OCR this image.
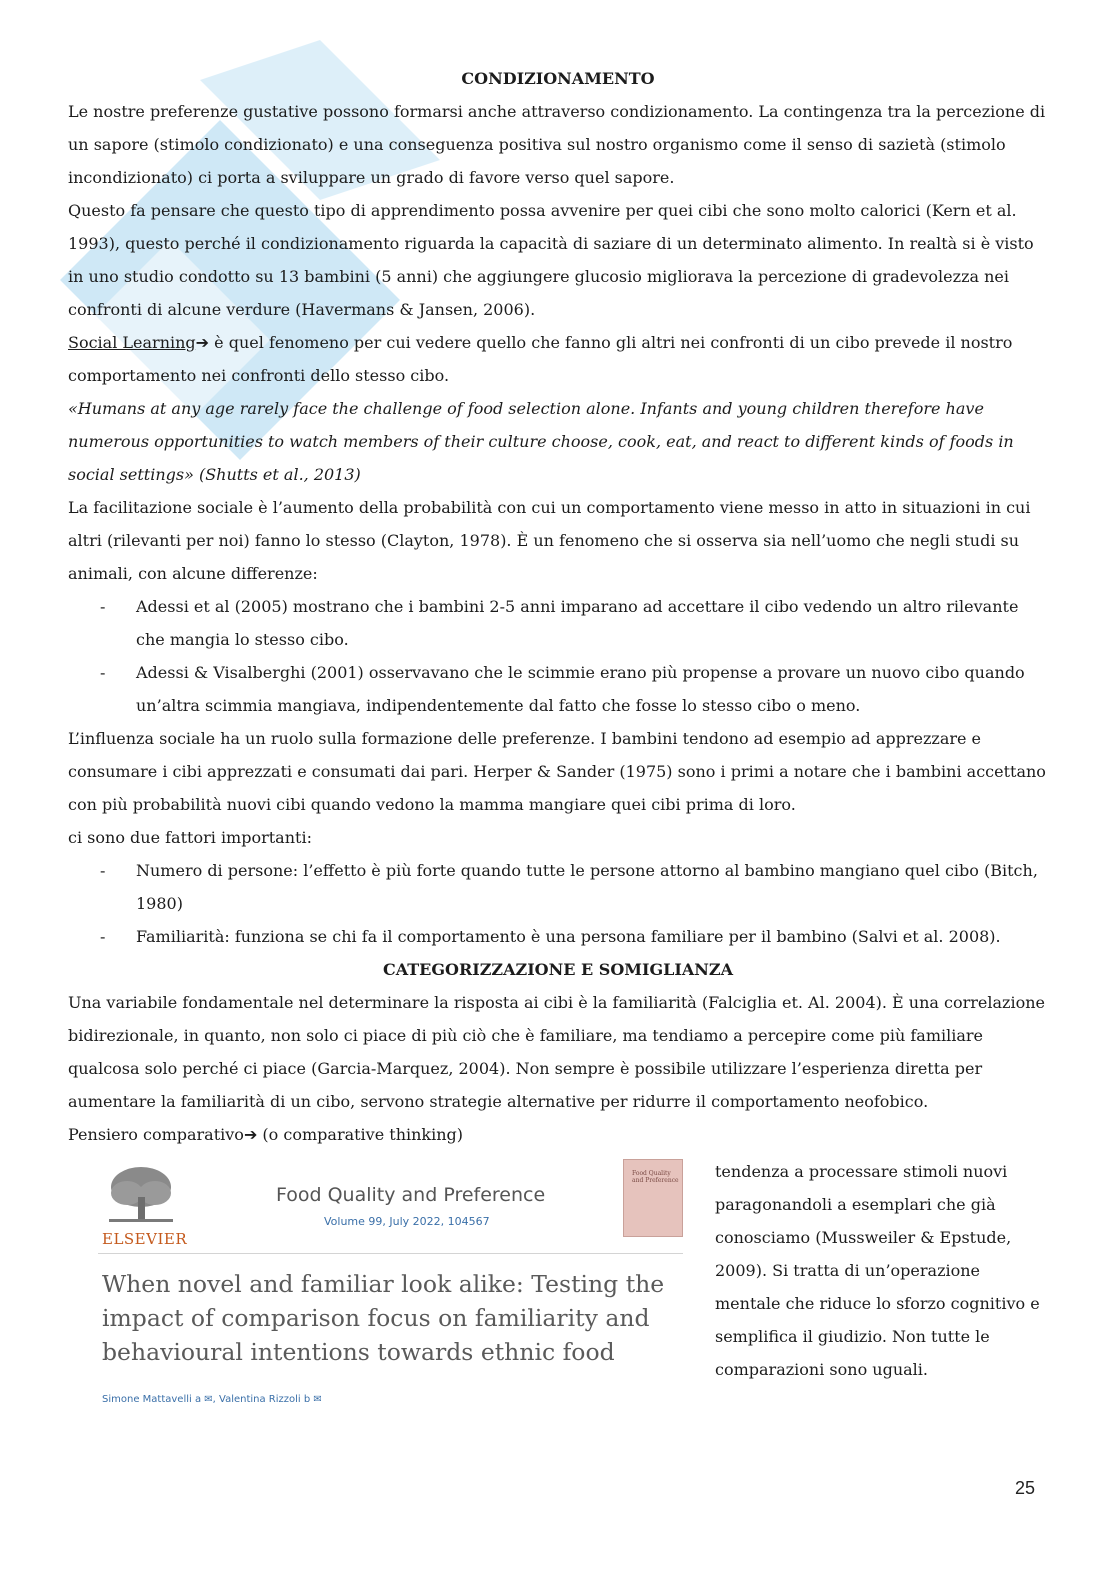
CONDIZIONAMENTO

Le nostre preferenze gustative possono formarsi anche attraverso condizionamento. La contingenza tra la percezione di un sapore (stimolo condizionato) e una conseguenza positiva sul nostro organismo come il senso di sazietà (stimolo incondizionato) ci porta a sviluppare un grado di favore verso quel sapore.

Questo fa pensare che questo tipo di apprendimento possa avvenire per quei cibi che sono molto calorici (Kern et al. 1993), questo perché il condizionamento riguarda la capacità di saziare di un determinato alimento. In realtà si è visto in uno studio condotto su 13 bambini (5 anni) che aggiungere glucosio migliorava la percezione di gradevolezza nei confronti di alcune verdure (Havermans & Jansen, 2006).

Social Learning➔ è quel fenomeno per cui vedere quello che fanno gli altri nei confronti di un cibo prevede il nostro comportamento nei confronti dello stesso cibo.

«Humans at any age rarely face the challenge of food selection alone. Infants and young children therefore have numerous opportunities to watch members of their culture choose, cook, eat, and react to different kinds of foods in social settings» (Shutts et al., 2013)

La facilitazione sociale è l’aumento della probabilità con cui un comportamento viene messo in atto in situazioni in cui altri (rilevanti per noi) fanno lo stesso (Clayton, 1978). È un fenomeno che si osserva sia nell’uomo che negli studi su animali, con alcune differenze:

- Adessi et al (2005) mostrano che i bambini 2-5 anni imparano ad accettare il cibo vedendo un altro rilevante che mangia lo stesso cibo.
- Adessi & Visalberghi (2001) osservavano che le scimmie erano più propense a provare un nuovo cibo quando un’altra scimmia mangiava, indipendentemente dal fatto che fosse lo stesso cibo o meno.

L’influenza sociale ha un ruolo sulla formazione delle preferenze. I bambini tendono ad esempio ad apprezzare e consumare i cibi apprezzati e consumati dai pari. Herper & Sander (1975) sono i primi a notare che i bambini accettano con più probabilità nuovi cibi quando vedono la mamma mangiare quei cibi prima di loro.

ci sono due fattori importanti:

- Numero di persone: l’effetto è più forte quando tutte le persone attorno al bambino mangiano quel cibo (Bitch, 1980)
- Familiarità: funziona se chi fa il comportamento è una persona familiare per il bambino (Salvi et al. 2008).

CATEGORIZZAZIONE E SOMIGLIANZA

Una variabile fondamentale nel determinare la risposta ai cibi è la familiarità (Falciglia et. Al. 2004). È una correlazione bidirezionale, in quanto, non solo ci piace di più ciò che è familiare, ma tendiamo a percepire come più familiare qualcosa solo perché ci piace (Garcia-Marquez, 2004). Non sempre è possibile utilizzare l’esperienza diretta per aumentare la familiarità di un cibo, servono strategie alternative per ridurre il comportamento neofobico.

Pensiero comparativo➔ (o comparative thinking)

ELSEVIER
Food Quality and Preference
Volume 99, July 2022, 104567
Food Quality and Preference
When novel and familiar look alike: Testing the impact of comparison focus on familiarity and behavioural intentions towards ethnic food
Simone Mattavelli a ✉, Valentina Rizzoli b ✉
tendenza a processare stimoli nuovi paragonandoli a esemplari che già conosciamo (Mussweiler & Epstude, 2009). Si tratta di un’operazione mentale che riduce lo sforzo cognitivo e semplifica il giudizio. Non tutte le comparazioni sono uguali.
25
